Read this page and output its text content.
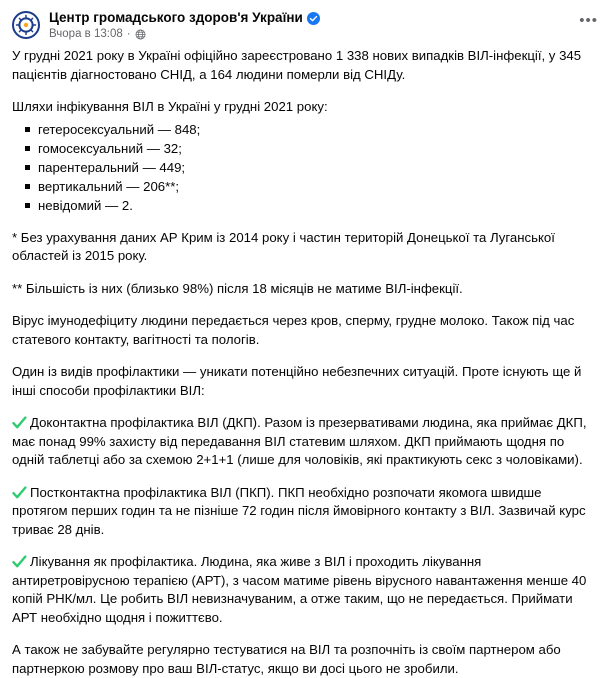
Центр громадського здоров'я України
Вчора в 13:08 ·
•••

У грудні 2021 року в Україні офіційно зареєстровано 1 338 нових випадків ВІЛ-інфекції, у 345 пацієнтів діагностовано СНІД, а 164 людини померли від СНІДу.

Шляхи інфікування ВІЛ в Україні у грудні 2021 року:

гетеросексуальний — 848;
гомосексуальний — 32;
парентеральний — 449;
вертикальний — 206**;
невідомий — 2.

* Без урахування даних АР Крим із 2014 року і частин територій Донецької та Луганської областей із 2015 року.

** Більшість із них (близько 98%) після 18 місяців не матиме ВІЛ-інфекції.

Вірус імунодефіциту людини передається через кров, сперму, грудне молоко. Також під час статевого контакту, вагітності та пологів.

Один із видів профілактики — уникати потенційно небезпечних ситуацій. Проте існують ще й інші способи профілактики ВІЛ:

Доконтактна профілактика ВІЛ (ДКП). Разом із презервативами людина, яка приймає ДКП, має понад 99% захисту від передавання ВІЛ статевим шляхом. ДКП приймають щодня по одній таблетці або за схемою 2+1+1 (лише для чоловіків, які практикують секс з чоловіками).

Постконтактна профілактика ВІЛ (ПКП). ПКП необхідно розпочати якомога швидше протягом перших годин та не пізніше 72 годин після ймовірного контакту з ВІЛ. Зазвичай курс триває 28 днів.

Лікування як профілактика. Людина, яка живе з ВІЛ і проходить лікування антиретровірусною терапією (АРТ), з часом матиме рівень вірусного навантаження менше 40 копій РНК/мл. Це робить ВІЛ невизначуваним, а отже таким, що не передається. Приймати АРТ необхідно щодня і пожиттєво.

А також не забувайте регулярно тестуватися на ВІЛ та розпочніть із своїм партнером або партнеркою розмову про ваш ВІЛ-статус, якщо ви досі цього не зробили.
